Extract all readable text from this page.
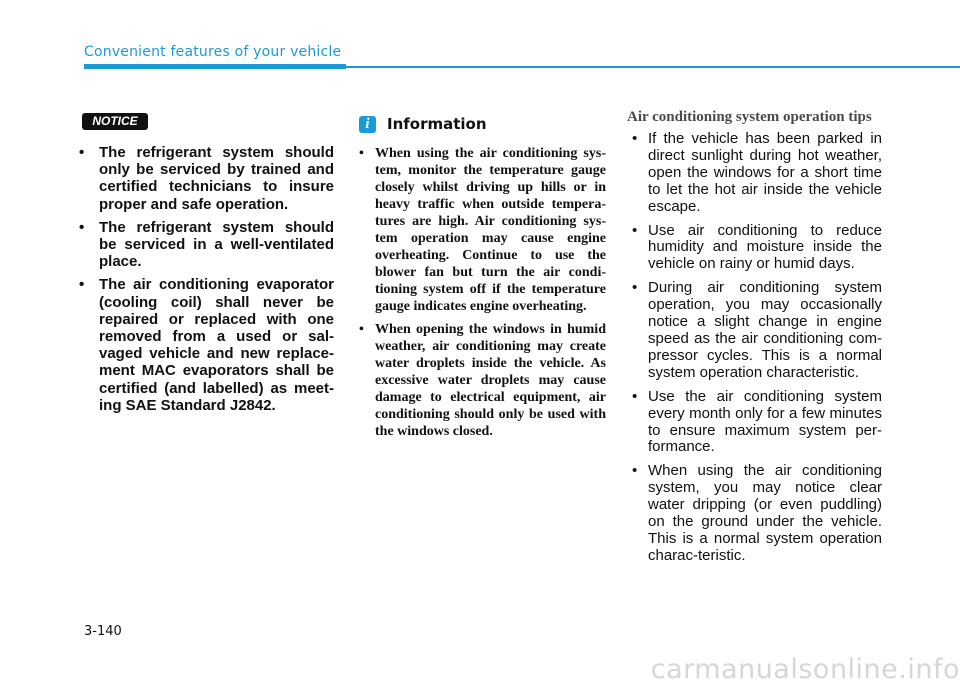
Convenient features of your vehicle
NOTICE
• The refrigerant system should only be serviced by trained and certified technicians to insure proper and safe operation.
• The refrigerant system should be serviced in a well-ventilated place.
• The air conditioning evaporator (cooling coil) shall never be repaired or replaced with one removed from a used or sal-vaged vehicle and new replace-ment MAC evaporators shall be certified (and labelled) as meet-ing SAE Standard J2842.
i	Information
• When using the air conditioning sys-tem, monitor the temperature gauge closely whilst driving up hills or in heavy traffic when outside tempera-tures are high. Air conditioning sys-tem operation may cause engine overheating. Continue to use the blower fan but turn the air condi-tioning system off if the temperature gauge indicates engine overheating.
• When opening the windows in humid weather, air conditioning may create water droplets inside the vehicle. As excessive water droplets may cause damage to electrical equipment, air conditioning should only be used with the windows closed.
Air conditioning system operation tips
• If the vehicle has been parked in direct sunlight during hot weather, open the windows for a short time to let the hot air inside the vehicle escape.
• Use air conditioning to reduce humidity and moisture inside the vehicle on rainy or humid days.
• During air conditioning system operation, you may occasionally notice a slight change in engine speed as the air conditioning com-pressor cycles. This is a normal system operation characteristic.
• Use the air conditioning system every month only for a few minutes to ensure maximum system per-formance.
• When using the air conditioning system, you may notice clear water dripping (or even puddling) on the ground under the vehicle. This is a normal system operation charac-teristic.
3-140
carmanualsonline.info
